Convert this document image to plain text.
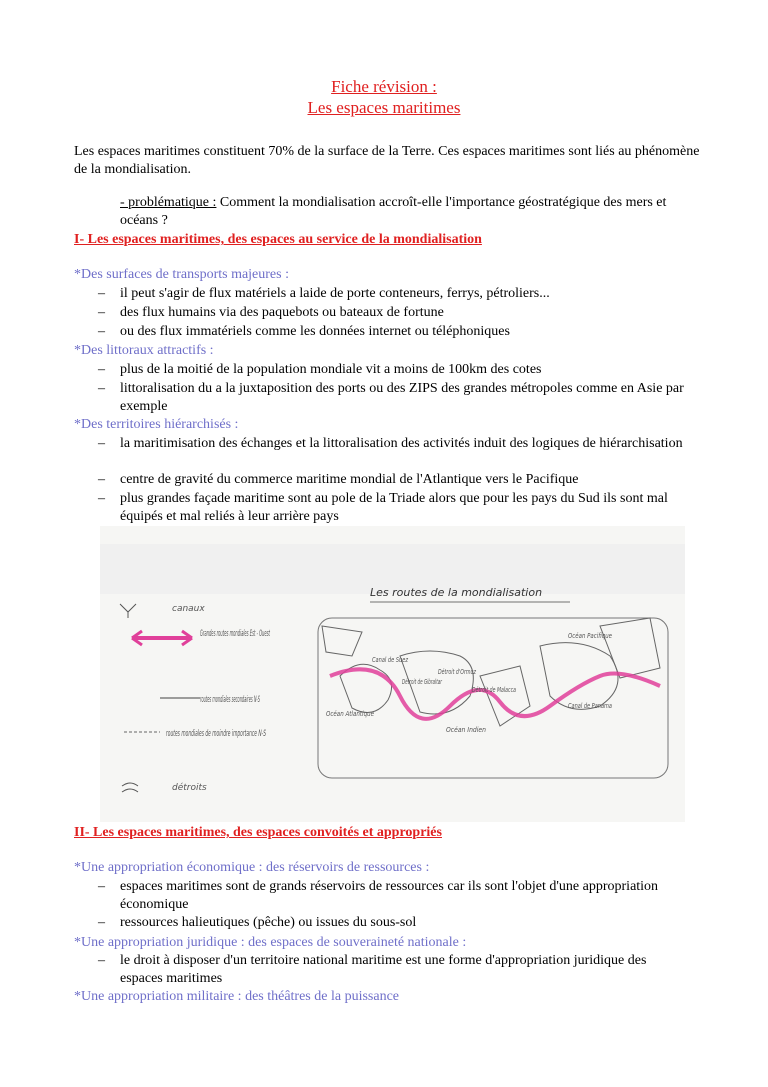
Fiche révision :
Les espaces maritimes

Les espaces maritimes constituent 70% de la surface de la Terre. Ces espaces maritimes sont liés au phénomène de la mondialisation.

- problématique : Comment la mondialisation accroît-elle l'importance géostratégique des mers et océans ?

I- Les espaces maritimes, des espaces au service de la mondialisation
*Des surfaces de transports majeures :
– il peut s'agir de flux matériels a laide de porte conteneurs, ferrys, pétroliers...
– des flux humains via des paquebots ou bateaux de fortune
– ou des flux immatériels comme les données internet ou téléphoniques
*Des littoraux attractifs :
– plus de la moitié de la population mondiale vit a moins de 100km des cotes
– littoralisation du a la juxtaposition des ports ou des ZIPS des grandes métropoles comme en Asie par exemple
*Des territoires hiérarchisés :
– la maritimisation des échanges et la littoralisation des activités induit des logiques de hiérarchisation
– centre de gravité du commerce maritime mondial de l'Atlantique vers le Pacifique
– plus grandes façade maritime sont au pole de la Triade alors que pour les pays du Sud ils sont mal équipés et mal reliés à leur arrière pays
Les routes de la mondialisation
canaux
Grandes routes mondiales Est - Ouest
routes mondiales secondaires N-S
routes mondiales de moindre importance N-S
détroits
Canal de Suez
Détroit de Gibraltar
Détroit d'Ormuz
Détroit de Malacca
Océan Atlantique
Océan Indien
Océan Pacifique
Canal de Panama
II- Les espaces maritimes, des espaces convoités et appropriés
*Une appropriation économique : des réservoirs de ressources :
– espaces maritimes sont de grands réservoirs de ressources car ils sont l'objet d'une appropriation économique
– ressources halieutiques (pêche) ou issues du sous-sol
*Une appropriation juridique : des espaces de souveraineté nationale :
– le droit à disposer d'un territoire national maritime est une forme d'appropriation juridique des espaces maritimes
*Une appropriation militaire : des théâtres de la puissance
